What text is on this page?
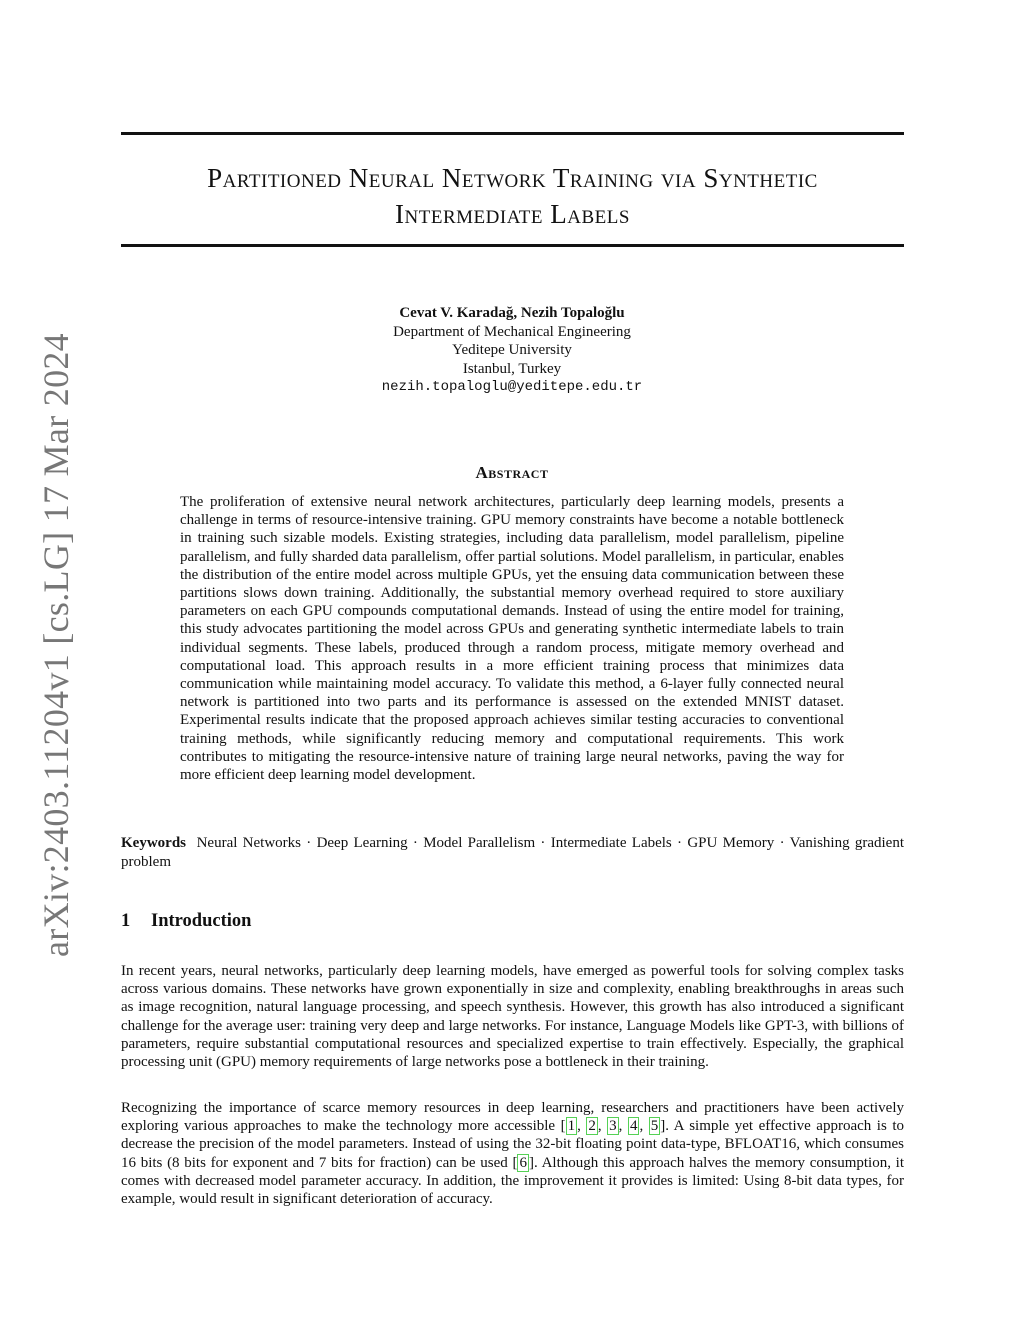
arXiv:2403.11204v1 [cs.LG] 17 Mar 2024
Partitioned Neural Network Training via Synthetic
Intermediate Labels
Cevat V. Karadağ, Nezih Topaloğlu
Department of Mechanical Engineering
Yeditepe University
Istanbul, Turkey
nezih.topaloglu@yeditepe.edu.tr
Abstract

The proliferation of extensive neural network architectures, particularly deep learning models, presents a challenge in terms of resource-intensive training. GPU memory constraints have become a notable bottleneck in training such sizable models. Existing strategies, including data parallelism, model parallelism, pipeline parallelism, and fully sharded data parallelism, offer partial solutions. Model parallelism, in particular, enables the distribution of the entire model across multiple GPUs, yet the ensuing data communication between these partitions slows down training. Additionally, the substantial memory overhead required to store auxiliary parameters on each GPU compounds computational demands. Instead of using the entire model for training, this study advocates partitioning the model across GPUs and generating synthetic intermediate labels to train individual segments. These labels, produced through a random process, mitigate memory overhead and computational load. This approach results in a more efficient training process that minimizes data communication while maintaining model accuracy. To validate this method, a 6-layer fully connected neural network is partitioned into two parts and its performance is assessed on the extended MNIST dataset. Experimental results indicate that the proposed approach achieves similar testing accuracies to conventional training methods, while significantly reducing memory and computational requirements. This work contributes to mitigating the resource-intensive nature of training large neural networks, paving the way for more efficient deep learning model development.

Keywords Neural Networks · Deep Learning · Model Parallelism · Intermediate Labels · GPU Memory · Vanishing gradient problem

1 Introduction

In recent years, neural networks, particularly deep learning models, have emerged as powerful tools for solving complex tasks across various domains. These networks have grown exponentially in size and complexity, enabling breakthroughs in areas such as image recognition, natural language processing, and speech synthesis. However, this growth has also introduced a significant challenge for the average user: training very deep and large networks. For instance, Language Models like GPT-3, with billions of parameters, require substantial computational resources and specialized expertise to train effectively. Especially, the graphical processing unit (GPU) memory requirements of large networks pose a bottleneck in their training.

Recognizing the importance of scarce memory resources in deep learning, researchers and practitioners have been actively exploring various approaches to make the technology more accessible [ 1 , 2 , 3 , 4 , 5 ]. A simple yet effective approach is to decrease the precision of the model parameters. Instead of using the 32-bit floating point data-type, BFLOAT16, which consumes 16 bits (8 bits for exponent and 7 bits for fraction) can be used [ 6 ]. Although this approach halves the memory consumption, it comes with decreased model parameter accuracy. In addition, the improvement it provides is limited: Using 8-bit data types, for example, would result in significant deterioration of accuracy.
